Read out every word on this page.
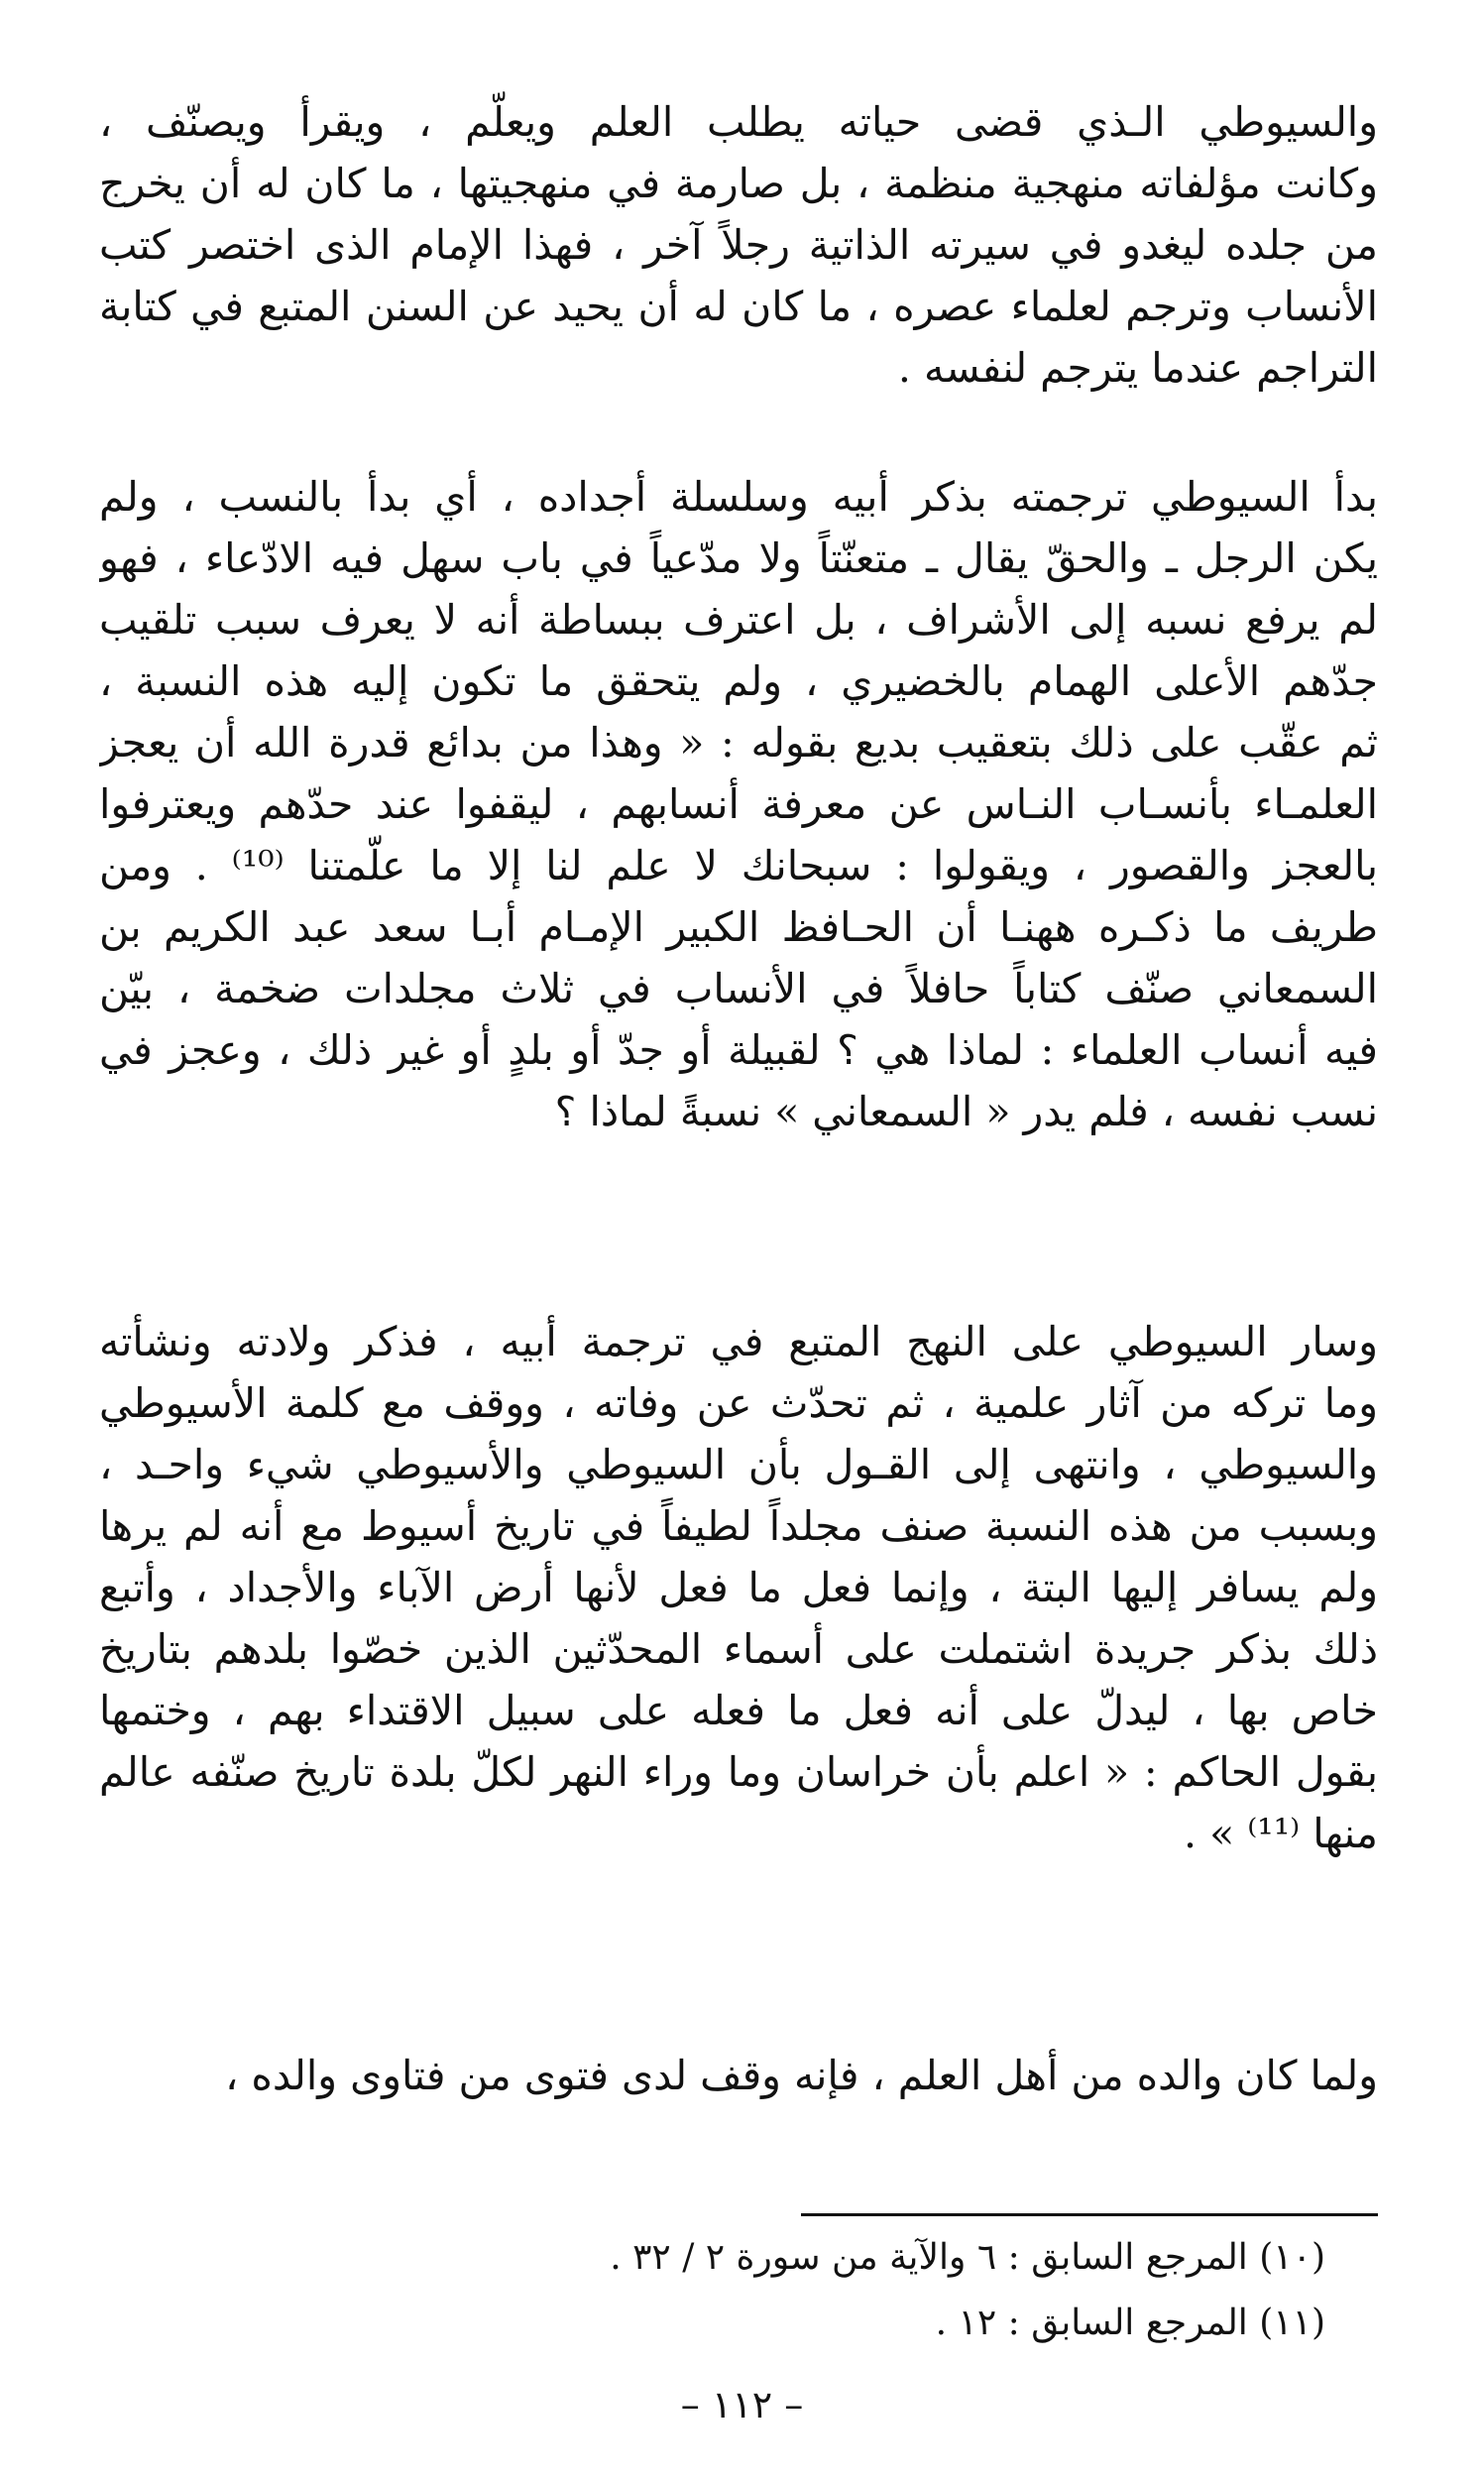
والسيوطي الـذي قضى حياته يطلب العلم ويعلّم ، ويقرأ ويصنّف ،
وكانت مؤلفاته منهجية منظمة ، بل صارمة في منهجيتها ، ما كان له أن يخرج
من جلده ليغدو في سيرته الذاتية رجلاً آخر ، فهذا الإمام الذى اختصر كتب
الأنساب وترجم لعلماء عصره ، ما كان له أن يحيد عن السنن المتبع في كتابة
التراجم عندما يترجم لنفسه .
بدأ السيوطي ترجمته بذكر أبيه وسلسلة أجداده ، أي بدأ بالنسب ، ولم
يكن الرجل ـ والحقّ يقال ـ متعنّتاً ولا مدّعياً في باب سهل فيه الادّعاء ، فهو
لم يرفع نسبه إلى الأشراف ، بل اعترف ببساطة أنه لا يعرف سبب تلقيب
جدّهم الأعلى الهمام بالخضيري ، ولم يتحقق ما تكون إليه هذه النسبة ،
ثم عقّب على ذلك بتعقيب بديع بقوله : « وهذا من بدائع قدرة الله أن يعجز
العلمـاء بأنسـاب النـاس عن معرفة أنسابهم ، ليقفوا عند حدّهم ويعترفوا
بالعجز والقصور ، ويقولوا : سبحانك لا علم لنا إلا ما علّمتنا ⁽¹⁰⁾ . ومن
طريف ما ذكـره ههنـا أن الحـافظ الكبير الإمـام أبـا سعد عبد الكريم بن
السمعاني صنّف كتاباً حافلاً في الأنساب في ثلاث مجلدات ضخمة ، بيّن
فيه أنساب العلماء : لماذا هي ؟ لقبيلة أو جدّ أو بلدٍ أو غير ذلك ، وعجز في
نسب نفسه ، فلم يدر « السمعاني » نسبةً لماذا ؟
وسار السيوطي على النهج المتبع في ترجمة أبيه ، فذكر ولادته ونشأته
وما تركه من آثار علمية ، ثم تحدّث عن وفاته ، ووقف مع كلمة الأسيوطي
والسيوطي ، وانتهى إلى القـول بأن السيوطي والأسيوطي شيء واحـد ،
وبسبب من هذه النسبة صنف مجلداً لطيفاً في تاريخ أسيوط مع أنه لم يرها
ولم يسافر إليها البتة ، وإنما فعل ما فعل لأنها أرض الآباء والأجداد ، وأتبع
ذلك بذكر جريدة اشتملت على أسماء المحدّثين الذين خصّوا بلدهم بتاريخ
خاص بها ، ليدلّ على أنه فعل ما فعله على سبيل الاقتداء بهم ، وختمها
بقول الحاكم : « اعلم بأن خراسان وما وراء النهر لكلّ بلدة تاريخ صنّفه عالم
منها ⁽¹¹⁾ » .
ولما كان والده من أهل العلم ، فإنه وقف لدى فتوى من فتاوى والده ،
(١٠) المرجع السابق : ٦ والآية من سورة ٢ / ٣٢ .
(١١) المرجع السابق : ١٢ .
– ١١٢ –
